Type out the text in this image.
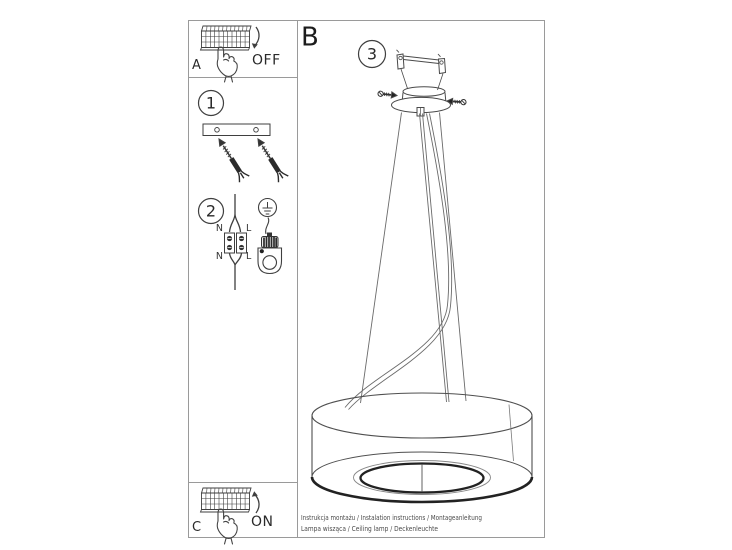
A	OFF
1
2
N L
N L
C	ON
B
3
Instrukcja montażu / Instalation instructions / Montageanleitung
Lampa wisząca / Ceiling lamp / Deckenleuchte
